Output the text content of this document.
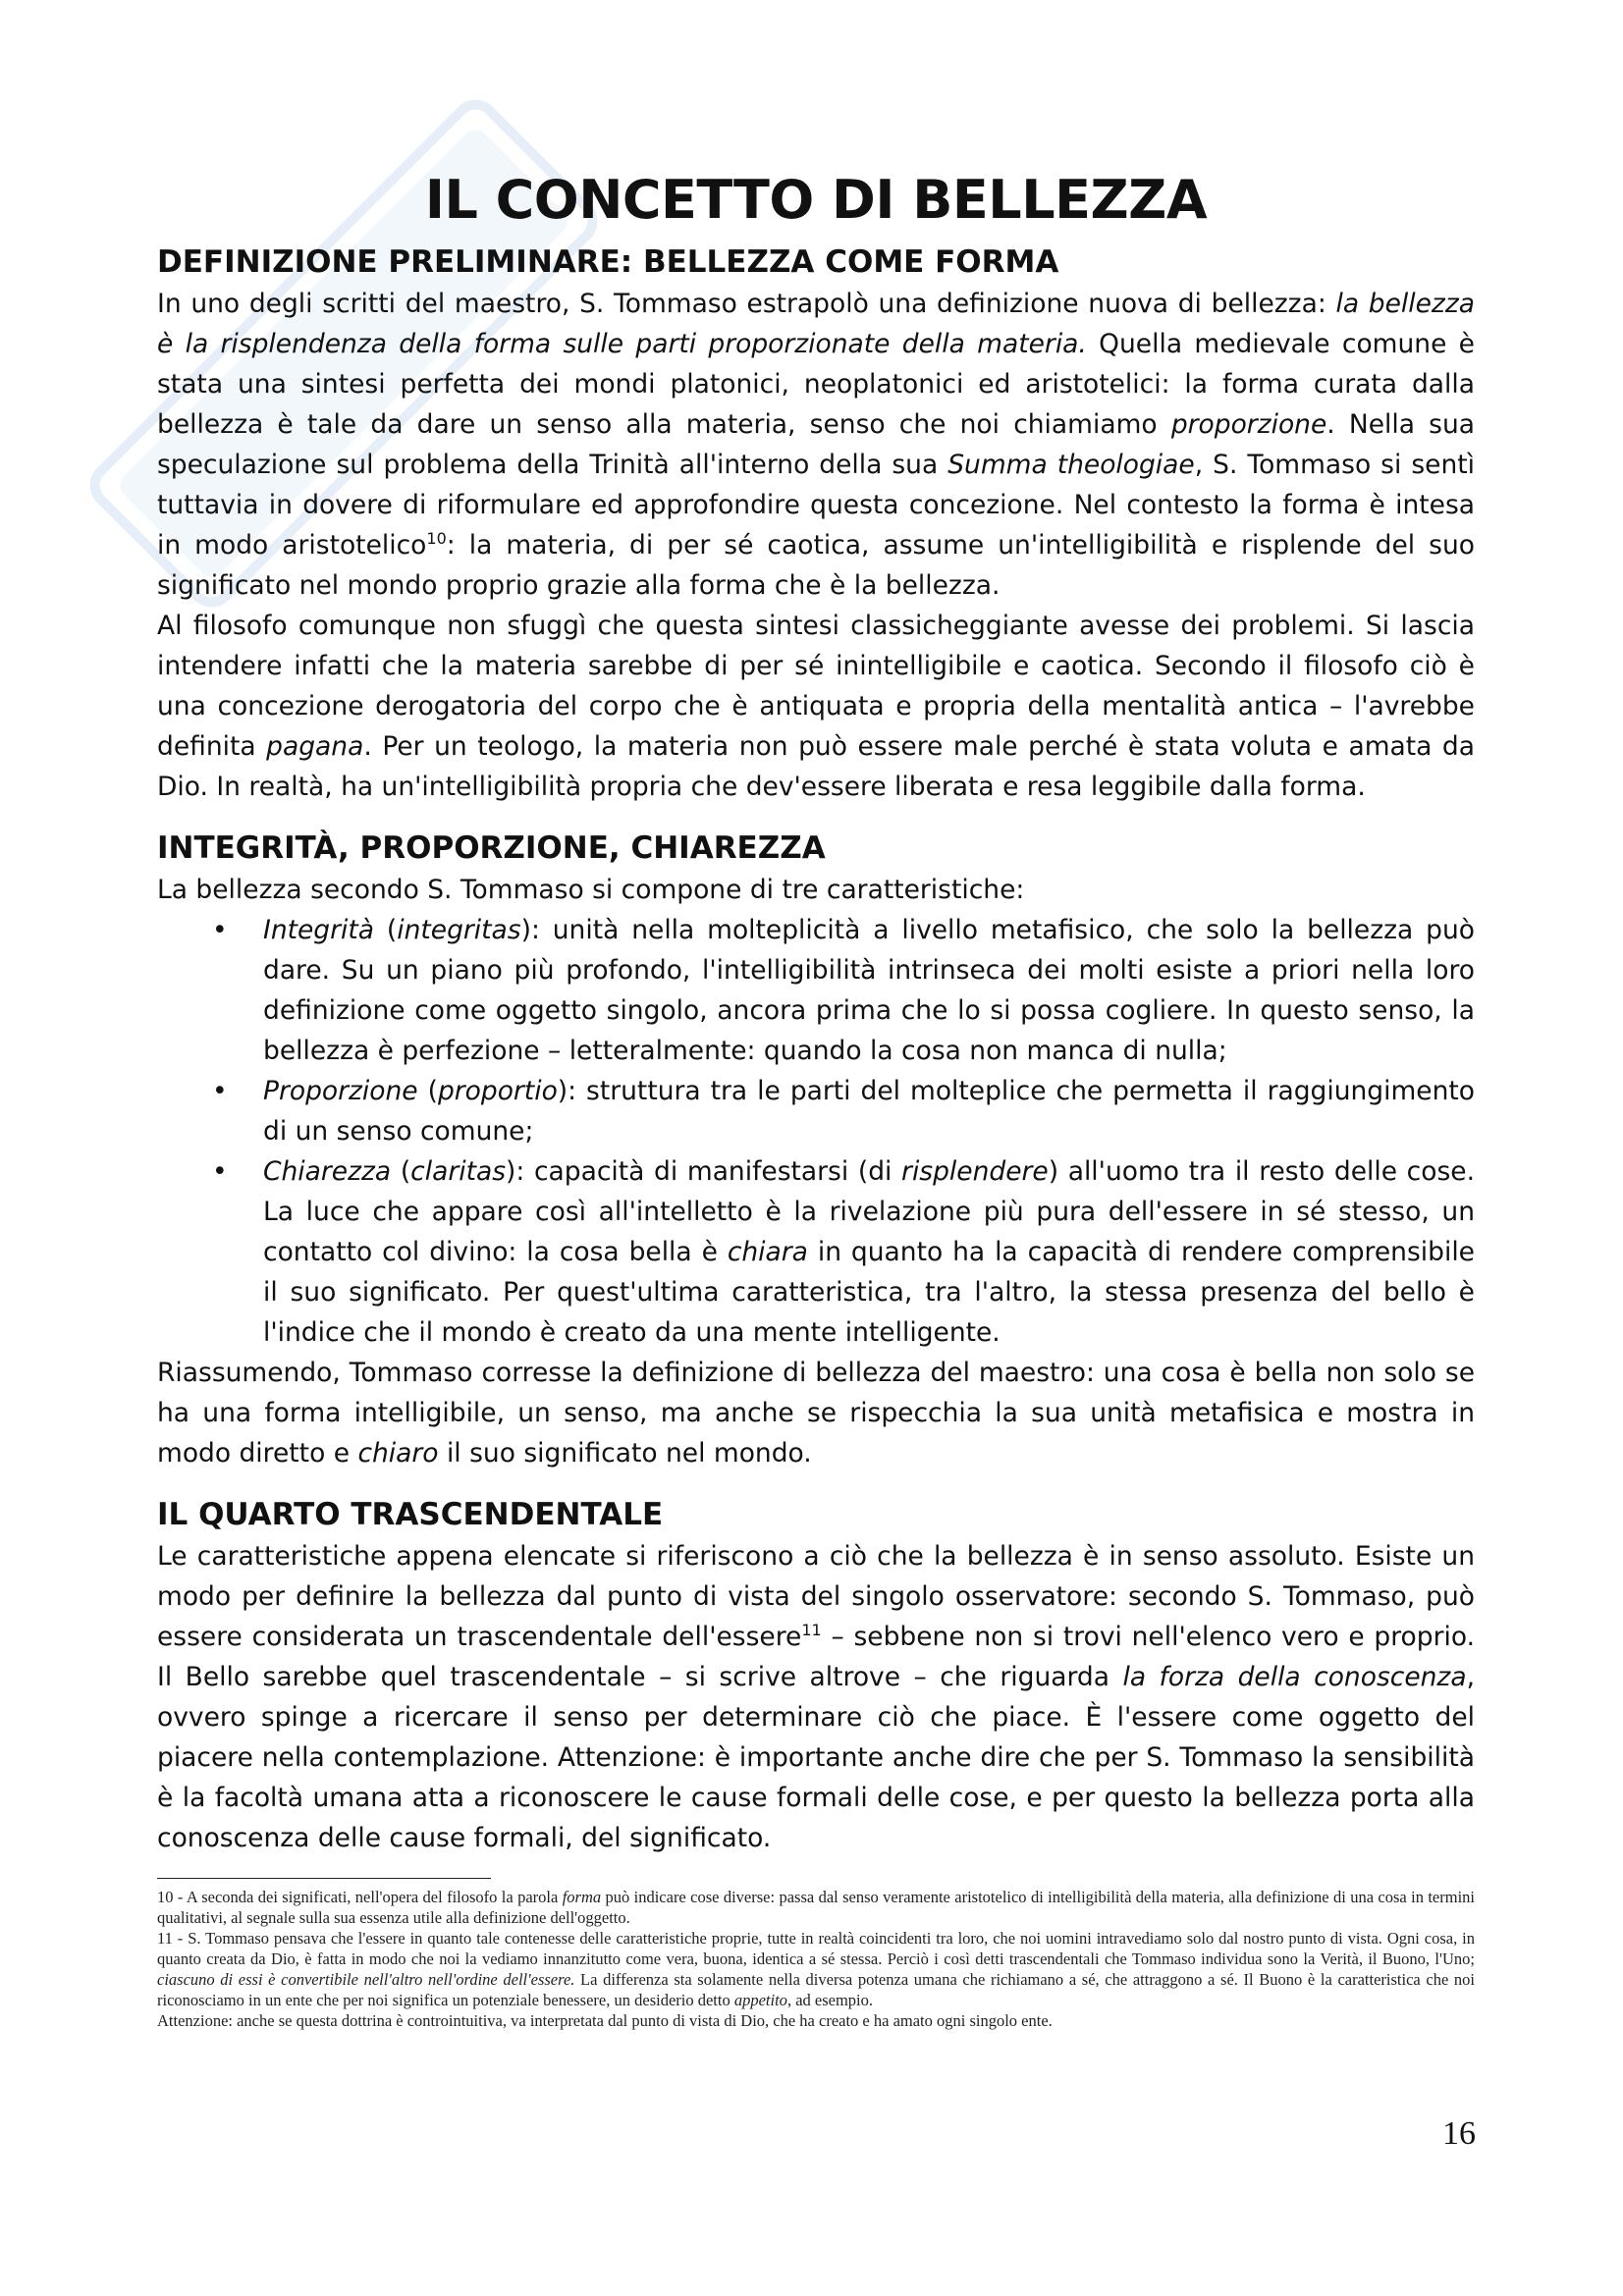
IL CONCETTO DI BELLEZZA
DEFINIZIONE PRELIMINARE: BELLEZZA COME FORMA

In uno degli scritti del maestro, S. Tommaso estrapolò una definizione nuova di bellezza: la bellezza è la risplendenza della forma sulle parti proporzionate della materia. Quella medievale comune è stata una sintesi perfetta dei mondi platonici, neoplatonici ed aristotelici: la forma curata dalla bellezza è tale da dare un senso alla materia, senso che noi chiamiamo proporzione. Nella sua speculazione sul problema della Trinità all'interno della sua Summa theologiae, S. Tommaso si sentì tuttavia in dovere di riformulare ed approfondire questa concezione. Nel contesto la forma è intesa in modo aristotelico$^{10}$: la materia, di per sé caotica, assume un'intelligibilità e risplende del suo significato nel mondo proprio grazie alla forma che è la bellezza.

Al filosofo comunque non sfuggì che questa sintesi classicheggiante avesse dei problemi. Si lascia intendere infatti che la materia sarebbe di per sé inintelligibile e caotica. Secondo il filosofo ciò è una concezione derogatoria del corpo che è antiquata e propria della mentalità antica – l'avrebbe definita pagana. Per un teologo, la materia non può essere male perché è stata voluta e amata da Dio. In realtà, ha un'intelligibilità propria che dev'essere liberata e resa leggibile dalla forma.

INTEGRITÀ, PROPORZIONE, CHIAREZZA

La bellezza secondo S. Tommaso si compone di tre caratteristiche:

• Integrità (integritas): unità nella molteplicità a livello metafisico, che solo la bellezza può dare. Su un piano più profondo, l'intelligibilità intrinseca dei molti esiste a priori nella loro definizione come oggetto singolo, ancora prima che lo si possa cogliere. In questo senso, la bellezza è perfezione – letteralmente: quando la cosa non manca di nulla;
• Proporzione (proportio): struttura tra le parti del molteplice che permetta il raggiungimento di un senso comune;
• Chiarezza (claritas): capacità di manifestarsi (di risplendere) all'uomo tra il resto delle cose. La luce che appare così all'intelletto è la rivelazione più pura dell'essere in sé stesso, un contatto col divino: la cosa bella è chiara in quanto ha la capacità di rendere comprensibile il suo significato. Per quest'ultima caratteristica, tra l'altro, la stessa presenza del bello è l'indice che il mondo è creato da una mente intelligente.

Riassumendo, Tommaso corresse la definizione di bellezza del maestro: una cosa è bella non solo se ha una forma intelligibile, un senso, ma anche se rispecchia la sua unità metafisica e mostra in modo diretto e chiaro il suo significato nel mondo.

IL QUARTO TRASCENDENTALE

Le caratteristiche appena elencate si riferiscono a ciò che la bellezza è in senso assoluto. Esiste un modo per definire la bellezza dal punto di vista del singolo osservatore: secondo S. Tommaso, può essere considerata un trascendentale dell'essere$^{11}$ – sebbene non si trovi nell'elenco vero e proprio. Il Bello sarebbe quel trascendentale – si scrive altrove – che riguarda la forza della conoscenza, ovvero spinge a ricercare il senso per determinare ciò che piace. È l'essere come oggetto del piacere nella contemplazione. Attenzione: è importante anche dire che per S. Tommaso la sensibilità è la facoltà umana atta a riconoscere le cause formali delle cose, e per questo la bellezza porta alla conoscenza delle cause formali, del significato.

10 - A seconda dei significati, nell'opera del filosofo la parola forma può indicare cose diverse: passa dal senso veramente aristotelico di intelligibilità della materia, alla definizione di una cosa in termini qualitativi, al segnale sulla sua essenza utile alla definizione dell'oggetto.

11 - S. Tommaso pensava che l'essere in quanto tale contenesse delle caratteristiche proprie, tutte in realtà coincidenti tra loro, che noi uomini intravediamo solo dal nostro punto di vista. Ogni cosa, in quanto creata da Dio, è fatta in modo che noi la vediamo innanzitutto come vera, buona, identica a sé stessa. Perciò i così detti trascendentali che Tommaso individua sono la Verità, il Buono, l'Uno; ciascuno di essi è convertibile nell'altro nell'ordine dell'essere. La differenza sta solamente nella diversa potenza umana che richiamano a sé, che attraggono a sé. Il Buono è la caratteristica che noi riconosciamo in un ente che per noi significa un potenziale benessere, un desiderio detto appetito, ad esempio.

Attenzione: anche se questa dottrina è controintuitiva, va interpretata dal punto di vista di Dio, che ha creato e ha amato ogni singolo ente.

16
